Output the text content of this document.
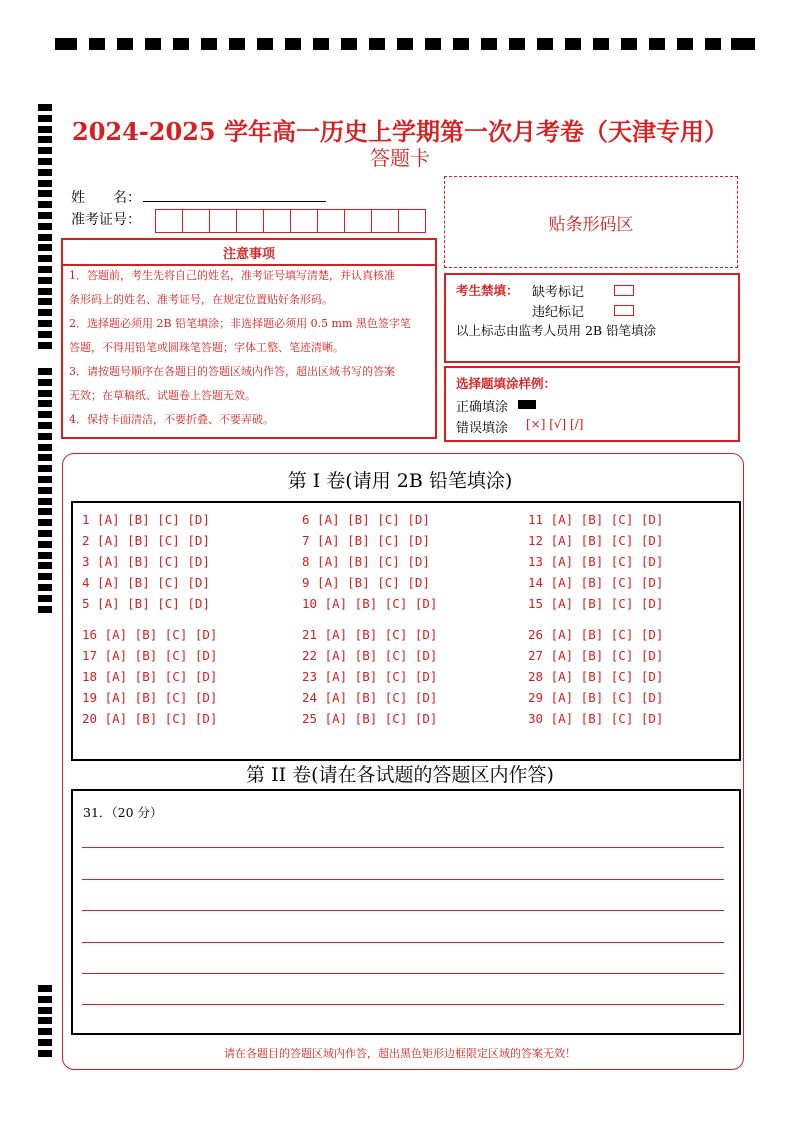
2024-2025 学年高一历史上学期第一次月考卷（天津专用）
答题卡
姓　　名：
准考证号：	贴条形码区
注意事项
1．答题前，考生先将自己的姓名，准考证号填写清楚，并认真核准
条形码上的姓名、准考证号，在规定位置贴好条形码。
2．选择题必须用 2B 铅笔填涂；非选择题必须用 0.5 mm 黑色签字笔
答题，不得用铅笔或圆珠笔答题；字体工整、笔迹清晰。
3．请按题号顺序在各题目的答题区域内作答，超出区域书写的答案
无效；在草稿纸、试题卷上答题无效。
4．保持卡面清洁，不要折叠、不要弄破。
考生禁填： 缺考标记
违纪标记
以上标志由监考人员用 2B 铅笔填涂
选择题填涂样例：
正确填涂
错误填涂 [×] [√] [/]
第 I 卷(请用 2B 铅笔填涂)
1 [A] [B] [C] [D]
2 [A] [B] [C] [D]
3 [A] [B] [C] [D]
4 [A] [B] [C] [D]
5 [A] [B] [C] [D]
6 [A] [B] [C] [D]
7 [A] [B] [C] [D]
8 [A] [B] [C] [D]
9 [A] [B] [C] [D]
10 [A] [B] [C] [D]
11 [A] [B] [C] [D]
12 [A] [B] [C] [D]
13 [A] [B] [C] [D]
14 [A] [B] [C] [D]
15 [A] [B] [C] [D]
16 [A] [B] [C] [D]
17 [A] [B] [C] [D]
18 [A] [B] [C] [D]
19 [A] [B] [C] [D]
20 [A] [B] [C] [D]
21 [A] [B] [C] [D]
22 [A] [B] [C] [D]
23 [A] [B] [C] [D]
24 [A] [B] [C] [D]
25 [A] [B] [C] [D]
26 [A] [B] [C] [D]
27 [A] [B] [C] [D]
28 [A] [B] [C] [D]
29 [A] [B] [C] [D]
30 [A] [B] [C] [D]
第 II 卷(请在各试题的答题区内作答)
31．（20 分）
请在各题目的答题区域内作答，超出黑色矩形边框限定区域的答案无效！
